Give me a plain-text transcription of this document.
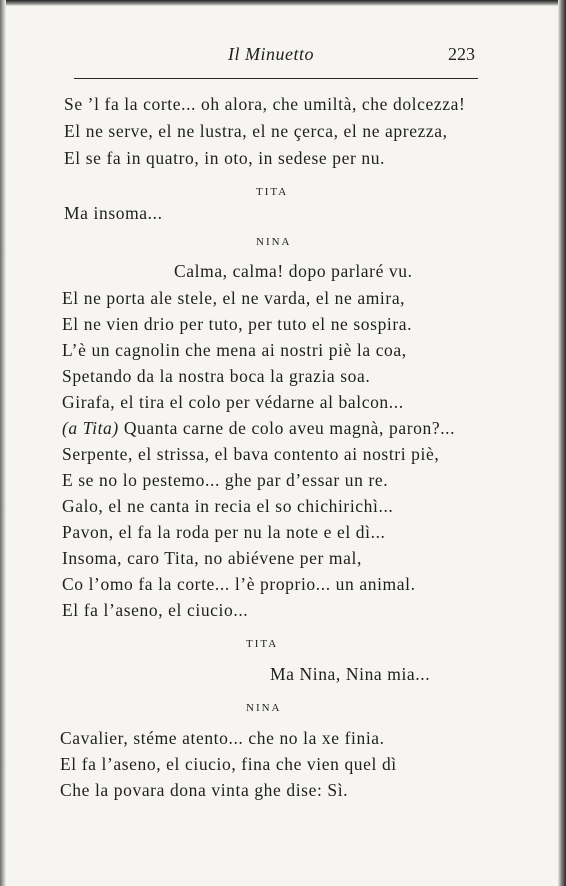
Il Minuetto	223
Se ’l fa la corte... oh alora, che umiltà, che dolcezza!
El ne serve, el ne lustra, el ne çerca, el ne aprezza,
El se fa in quatro, in oto, in sedese per nu.
TITA
Ma insoma...
NINA
Calma, calma! dopo parlaré vu.
El ne porta ale stele, el ne varda, el ne amira,
El ne vien drio per tuto, per tuto el ne sospira.
L’è un cagnolin che mena ai nostri piè la coa,
Spetando da la nostra boca la grazia soa.
Girafa, el tira el colo per védarne al balcon...
(a Tita) Quanta carne de colo aveu magnà, paron?...
Serpente, el strissa, el bava contento ai nostri piè,
E se no lo pestemo... ghe par d’essar un re.
Galo, el ne canta in recia el so chichirichì...
Pavon, el fa la roda per nu la note e el dì...
Insoma, caro Tita, no abiévene per mal,
Co l’omo fa la corte... l’è proprio... un animal.
El fa l’aseno, el ciucio...
TITA
Ma Nina, Nina mia...
NINA
Cavalier, stéme atento... che no la xe finia.
El fa l’aseno, el ciucio, fina che vien quel dì
Che la povara dona vinta ghe dise: Sì.
